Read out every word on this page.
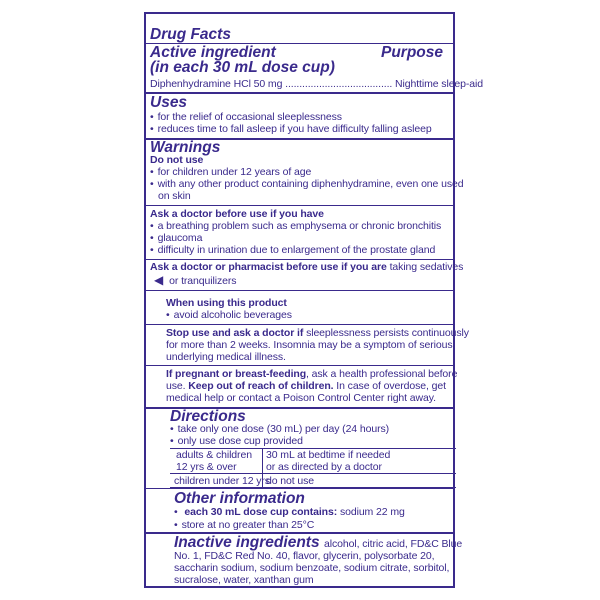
Drug Facts
Active ingredient	Purpose
(in each 30 mL dose cup)
Diphenhydramine HCl 50 mg ...................................... Nighttime sleep-aid
Uses
• for the relief of occasional sleeplessness
• reduces time to fall asleep if you have difficulty falling asleep
Warnings
Do not use
• for children under 12 years of age
• with any other product containing diphenhydramine, even one used
on skin
Ask a doctor before use if you have
• a breathing problem such as emphysema or chronic bronchitis
• glaucoma
• difficulty in urination due to enlargement of the prostate gland
Ask a doctor or pharmacist before use if you are taking sedatives
◀ or tranquilizers
When using this product
• avoid alcoholic beverages
Stop use and ask a doctor if sleeplessness persists continuously
for more than 2 weeks. Insomnia may be a symptom of serious
underlying medical illness.
If pregnant or breast-feeding, ask a health professional before
use. Keep out of reach of children. In case of overdose, get
medical help or contact a Poison Control Center right away.
Directions
• take only one dose (30 mL) per day (24 hours)
• only use dose cup provided
adults & children
12 yrs & over
30 mL at bedtime if needed
or as directed by a doctor
children under 12 yrs
do not use
Other information
• each 30 mL dose cup contains: sodium 22 mg
• store at no greater than 25°C
Inactive ingredients alcohol, citric acid, FD&C Blue
No. 1, FD&C Red No. 40, flavor, glycerin, polysorbate 20,
saccharin sodium, sodium benzoate, sodium citrate, sorbitol,
sucralose, water, xanthan gum
